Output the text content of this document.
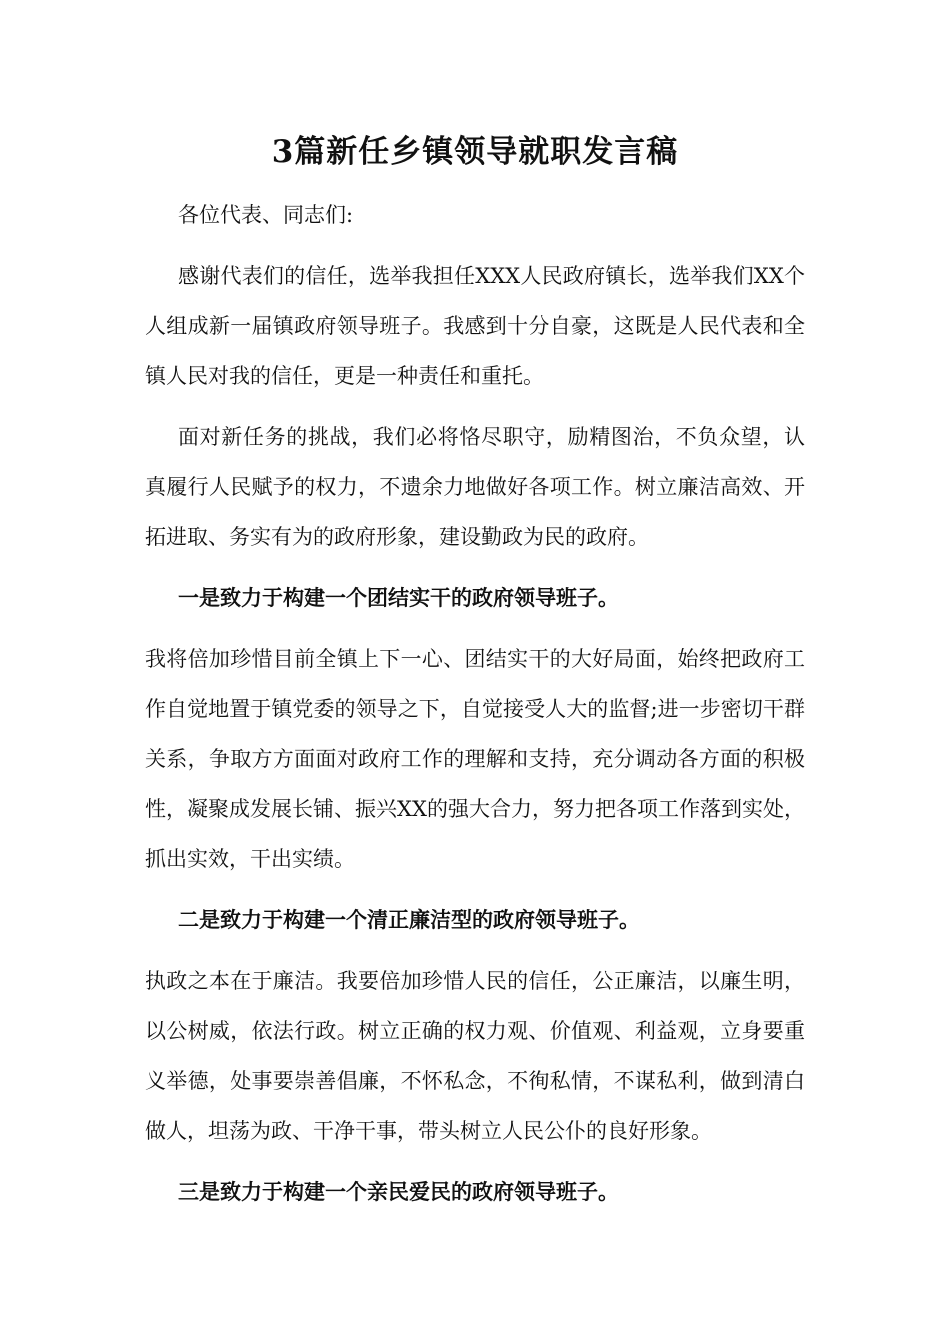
3篇新任乡镇领导就职发言稿

各位代表、同志们:

感谢代表们的信任，选举我担任XXX人民政府镇长，选举我们XX个人组成新一届镇政府领导班子。我感到十分自豪，这既是人民代表和全镇人民对我的信任，更是一种责任和重托。

面对新任务的挑战，我们必将恪尽职守，励精图治，不负众望，认真履行人民赋予的权力，不遗余力地做好各项工作。树立廉洁高效、开拓进取、务实有为的政府形象，建设勤政为民的政府。

一是致力于构建一个团结实干的政府领导班子。

我将倍加珍惜目前全镇上下一心、团结实干的大好局面，始终把政府工作自觉地置于镇党委的领导之下，自觉接受人大的监督;进一步密切干群关系，争取方方面面对政府工作的理解和支持，充分调动各方面的积极性，凝聚成发展长铺、振兴XX的强大合力，努力把各项工作落到实处，抓出实效，干出实绩。

二是致力于构建一个清正廉洁型的政府领导班子。

执政之本在于廉洁。我要倍加珍惜人民的信任，公正廉洁，以廉生明，以公树威，依法行政。树立正确的权力观、价值观、利益观，立身要重义举德，处事要崇善倡廉，不怀私念，不徇私情，不谋私利，做到清白做人，坦荡为政、干净干事，带头树立人民公仆的良好形象。

三是致力于构建一个亲民爱民的政府领导班子。
